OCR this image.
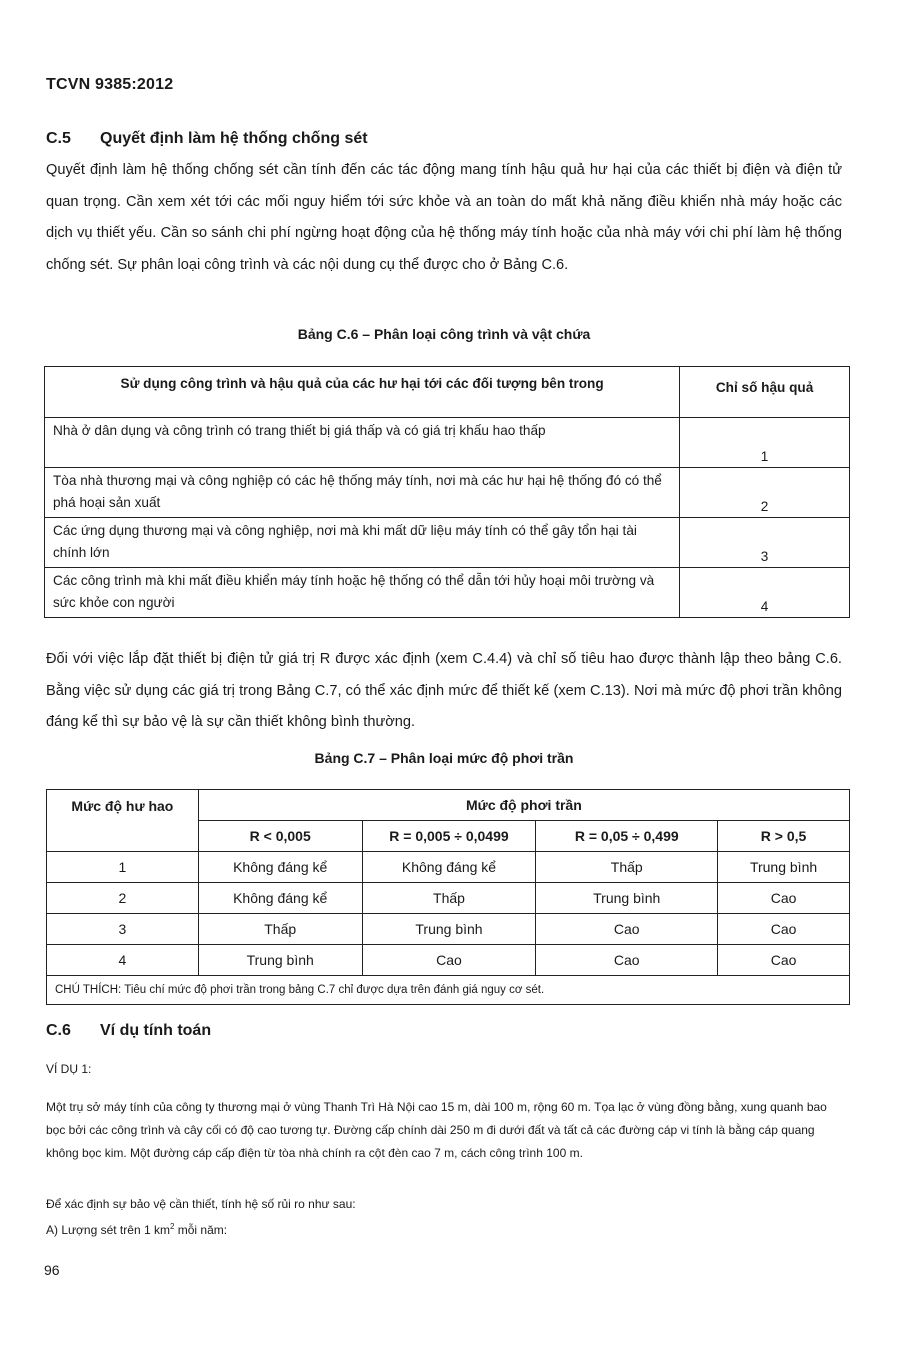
TCVN 9385:2012
C.5 Quyết định làm hệ thống chống sét
Quyết định làm hệ thống chống sét cần tính đến các tác động mang tính hậu quả hư hại của các thiết bị điện và điện tử quan trọng. Cần xem xét tới các mối nguy hiểm tới sức khỏe và an toàn do mất khả năng điều khiển nhà máy hoặc các dịch vụ thiết yếu. Cần so sánh chi phí ngừng hoạt động của hệ thống máy tính hoặc của nhà máy với chi phí làm hệ thống chống sét. Sự phân loại công trình và các nội dung cụ thể được cho ở Bảng C.6.
Bảng C.6 – Phân loại công trình và vật chứa
Sử dụng công trình và hậu quả của các hư hại tới các đối tượng bên trong	Chỉ số hậu quả
Nhà ở dân dụng và công trình có trang thiết bị giá thấp và có giá trị khấu hao thấp	1
Tòa nhà thương mại và công nghiệp có các hệ thống máy tính, nơi mà các hư hại hệ thống đó có thể phá hoại sản xuất	2
Các ứng dụng thương mại và công nghiệp, nơi mà khi mất dữ liệu máy tính có thể gây tổn hại tài chính lớn	3
Các công trình mà khi mất điều khiển máy tính hoặc hệ thống có thể dẫn tới hủy hoại môi trường và sức khỏe con người	4
Đối với việc lắp đặt thiết bị điện tử giá trị R được xác định (xem C.4.4) và chỉ số tiêu hao được thành lập theo bảng C.6. Bằng việc sử dụng các giá trị trong Bảng C.7, có thể xác định mức để thiết kế (xem C.13). Nơi mà mức độ phơi trần không đáng kể thì sự bảo vệ là sự cần thiết không bình thường.
Bảng C.7 – Phân loại mức độ phơi trần
Mức độ hư hao	Mức độ phơi trần			
	R < 0,005	R = 0,005 ÷ 0,0499	R = 0,05 ÷ 0,499	R > 0,5
1	Không đáng kể	Không đáng kể	Thấp	Trung bình
2	Không đáng kể	Thấp	Trung bình	Cao
3	Thấp	Trung bình	Cao	Cao
4	Trung bình	Cao	Cao	Cao
CHÚ THÍCH: Tiêu chí mức độ phơi trần trong bảng C.7 chỉ được dựa trên đánh giá nguy cơ sét.				
C.6 Ví dụ tính toán
VÍ DỤ 1:
Một trụ sở máy tính của công ty thương mại ở vùng Thanh Trì Hà Nội cao 15 m, dài 100 m, rộng 60 m. Tọa lạc ở vùng đồng bằng, xung quanh bao bọc bởi các công trình và cây cối có độ cao tương tự. Đường cấp chính dài 250 m đi dưới đất và tất cả các đường cáp vi tính là bằng cáp quang không bọc kim. Một đường cáp cấp điện từ tòa nhà chính ra cột đèn cao 7 m, cách công trình 100 m.
Để xác định sự bảo vệ cần thiết, tính hệ số rủi ro như sau:
A) Lượng sét trên 1 $km^2$ mỗi năm:
96
